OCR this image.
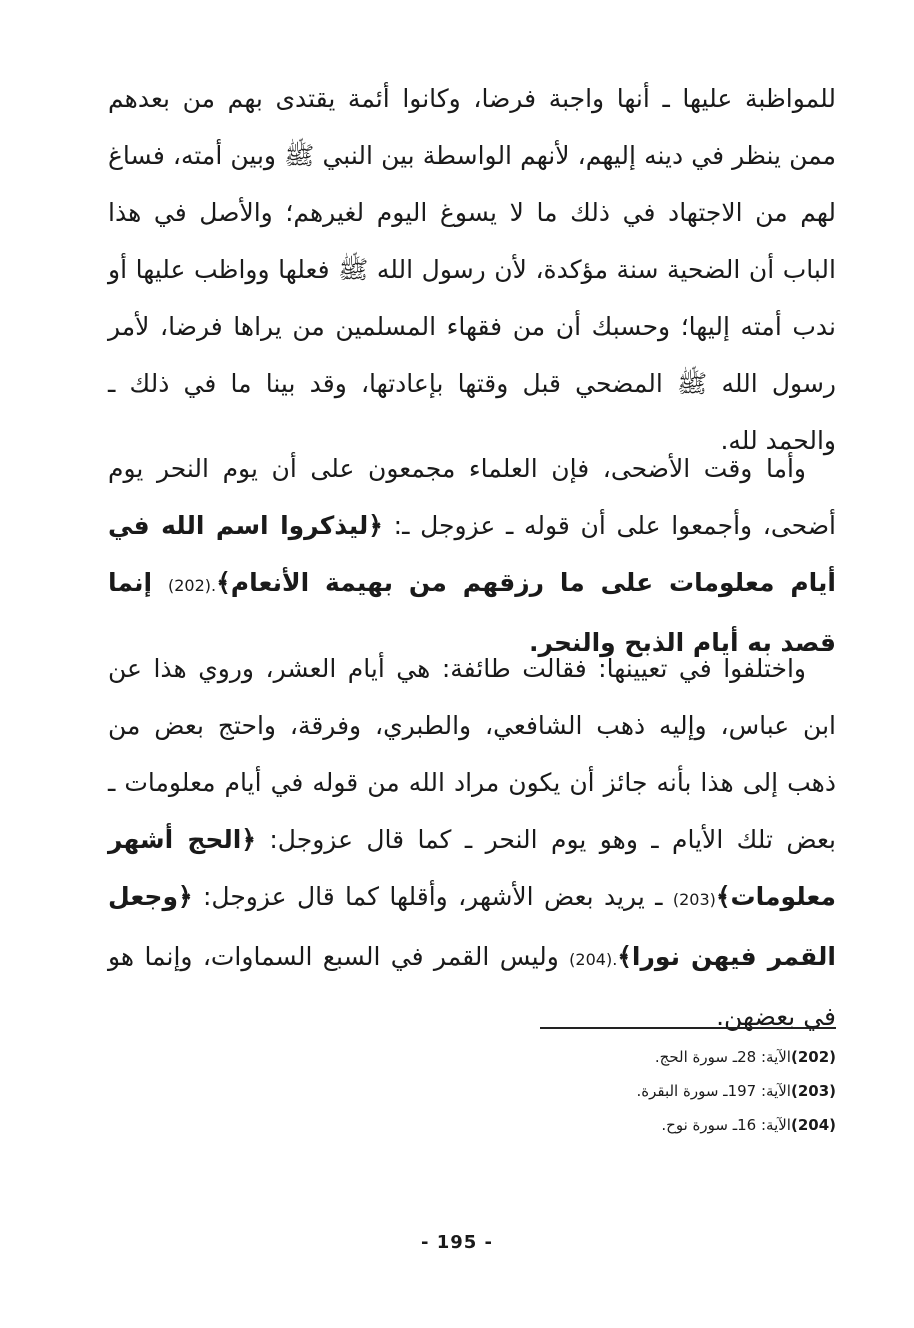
للمواظبة عليها ـ أنها واجبة فرضا، وكانوا أئمة يقتدى بهم من بعدهم ممن ينظر في دينه إليهم، لأنهم الواسطة بين النبي ﷺ وبين أمته، فساغ لهم من الاجتهاد في ذلك ما لا يسوغ اليوم لغيرهم؛ والأصل في هذا الباب أن الضحية سنة مؤكدة، لأن رسول الله ﷺ فعلها وواظب عليها أو ندب أمته إليها؛ وحسبك أن من فقهاء المسلمين من يراها فرضا، لأمر رسول الله ﷺ المضحي قبل وقتها بإعادتها، وقد بينا ما في ذلك ـ والحمد لله.

وأما وقت الأضحى، فإن العلماء مجمعون على أن يوم النحر يوم أضحى، وأجمعوا على أن قوله ـ عزوجل ـ: ﴿ليذكروا اسم الله في أيام معلومات على ما رزقهم من بهيمة الأنعام﴾.(202) إنما قصد به أيام الذبح والنحر.

واختلفوا في تعيينها: فقالت طائفة: هي أيام العشر، وروي هذا عن ابن عباس، وإليه ذهب الشافعي، والطبري، وفرقة، واحتج بعض من ذهب إلى هذا بأنه جائز أن يكون مراد الله من قوله في أيام معلومات ـ بعض تلك الأيام ـ وهو يوم النحر ـ كما قال عزوجل: ﴿الحج أشهر معلومات﴾(203) ـ يريد بعض الأشهر، وأقلها كما قال عزوجل: ﴿وجعل القمر فيهن نورا﴾.(204) وليس القمر في السبع السماوات، وإنما هو في بعضهن.

(202)الآية: 28ـ سورة الحج.

(203)الآية: 197ـ سورة البقرة.

(204)الآية: 16ـ سورة نوح.

- 195 -
